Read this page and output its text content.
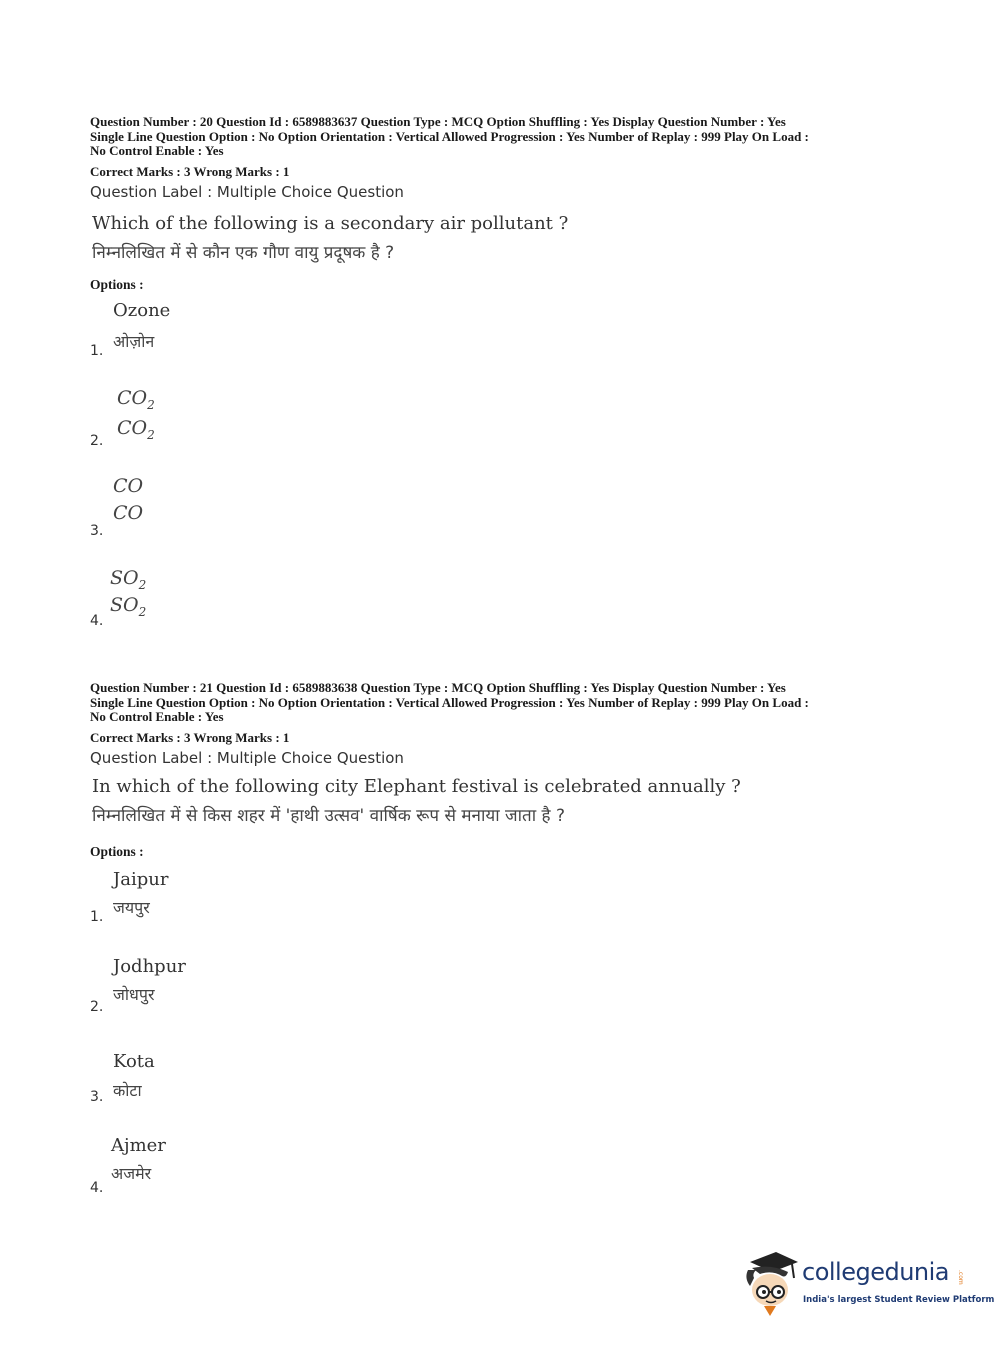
Question Number : 20 Question Id : 6589883637 Question Type : MCQ Option Shuffling : Yes Display Question Number : Yes
Single Line Question Option : No Option Orientation : Vertical Allowed Progression : Yes Number of Replay : 999 Play On Load :
No Control Enable : Yes
Correct Marks : 3 Wrong Marks : 1
Question Label : Multiple Choice Question
Which of the following is a secondary air pollutant ?
निम्नलिखित में से कौन एक गौण वायु प्रदूषक है ?
Options :
Ozone
ओज़ोन
1.
$CO_2$
$CO_2$
2.
CO
CO
3.
$SO_2$
$SO_2$
4.
Question Number : 21 Question Id : 6589883638 Question Type : MCQ Option Shuffling : Yes Display Question Number : Yes
Single Line Question Option : No Option Orientation : Vertical Allowed Progression : Yes Number of Replay : 999 Play On Load :
No Control Enable : Yes
Correct Marks : 3 Wrong Marks : 1
Question Label : Multiple Choice Question
In which of the following city Elephant festival is celebrated annually ?
निम्नलिखित में से किस शहर में 'हाथी उत्सव' वार्षिक रूप से मनाया जाता है ?
Options :
Jaipur
जयपुर
1.
Jodhpur
जोधपुर
2.
Kota
कोटा
3.
Ajmer
अजमेर
4.
collegedunia .com
India's largest Student Review Platform
